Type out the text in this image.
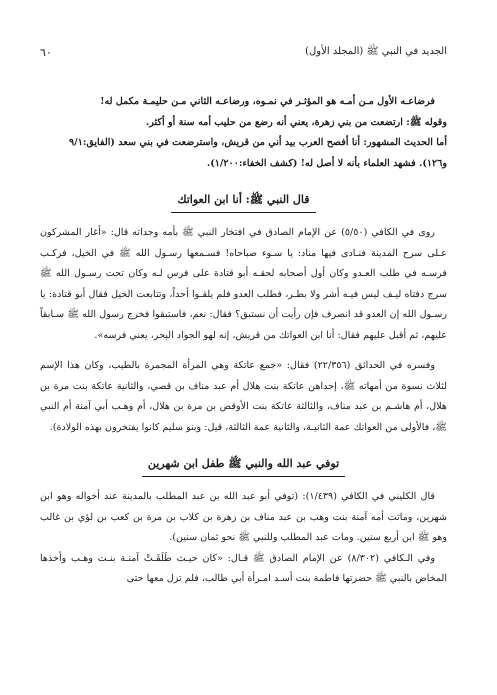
الجديد في النبي ﷺ (المجلد الأول)
٦٠

فرضاعـه الأول مـن أمـه هو المؤثـر في نمـوه، ورضاعـه الثاني مـن حليمـة مكمل له!

وقوله ﷺ: ارتضعت من بني زهرة، يعني أنه رضع من حليب أمه سنة أو أكثر.

أما الحديث المشهور: أنا أفصح العرب بيد أني من قريش، واسترضعت في بني سعد (الفايق:٩/١

و١٢٦). فشهد العلماء بأنه لا أصل له! (كشف الخفاء:١/٢٠٠).

قال النبي ﷺ: أنا ابن العواتك

روى في الكافي (٥/٥٠) عن الإمام الصادق في افتخار النبي ﷺ بأمه وجداته قال: «أغار المشركون عـلى سرح المدينة فنـادى فيها مناد: يا سـوء صباحاه! فسـمعها رسـول الله ﷺ في الخيل، فركـب فرسـه في طلب العـدو وكان أول أصحابه لحقـه أبو قتادة على فرس لـه وكان تحت رسـول الله ﷺ سرج دفتاه ليـف ليس فيـه أشر ولا بطـر، فطلب العدو فلم يلقـوا أحداً، وتتابعت الخيل فقال أبو قتادة: يا رسـول الله إن العدو قد انصرف فإن رأيت أن نستبق؟ فقال: نعم، فاستبقوا فخرج رسول الله ﷺ سـابقاً عليهم، ثم أقبل عليهم فقال: أنا ابن العواتك من قريش، إنه لهو الجواد البحر، يعني فرسه».

وفسره في الحدائق (٢٢/٣٥٦) فقال: «جمع عاتكة وهي المرأة المجمرة بالطيب، وكان هذا الإسم لثلاث نسوة من أمهاته ﷺ، إحداهن عاتكة بنت هلال أم عبد مناف بن قصي، والثانية عاتكة بنت مرة بن هلال، أم هاشـم بن عبد مناف، والثالثة عاتكة بنت الأوقص بن مرة بن هلال، أم وهـب أبي آمنة أم النبي ﷺ، فالأولى من العواتك عمة الثانيـة، والثانية عمة الثالثة، قيل: وبنو سليم كانوا يفتخرون بهذه الولادة).

توفي عبد الله والنبي ﷺ طفل ابن شهرين

قال الكليني في الكافي (١/٤٣٩): (توفي أبو عبد الله بن عبد المطلب بالمدينة عند أخواله وهو ابن شهرين، وماتت أمه آمنة بنت وهب بن عبد مناف بن زهرة بن كلاب بن مرة بن كعب بن لؤي بن غالب وهو ﷺ ابن أربع سنين. ومات عبد المطلب وللنبي ﷺ نحو ثمان سنين).

وفي الـكافي (٨/٣٠٢) عن الإمام الصادق ﷺ قـال: «كان حيـث طَلَقَـتْ آمنـة بنـت وهـب وأخذها المخاض بالنبي ﷺ حضرتها فاطمة بنت أسـد امـرأة أبي طالب، فلم تزل معها حتى
